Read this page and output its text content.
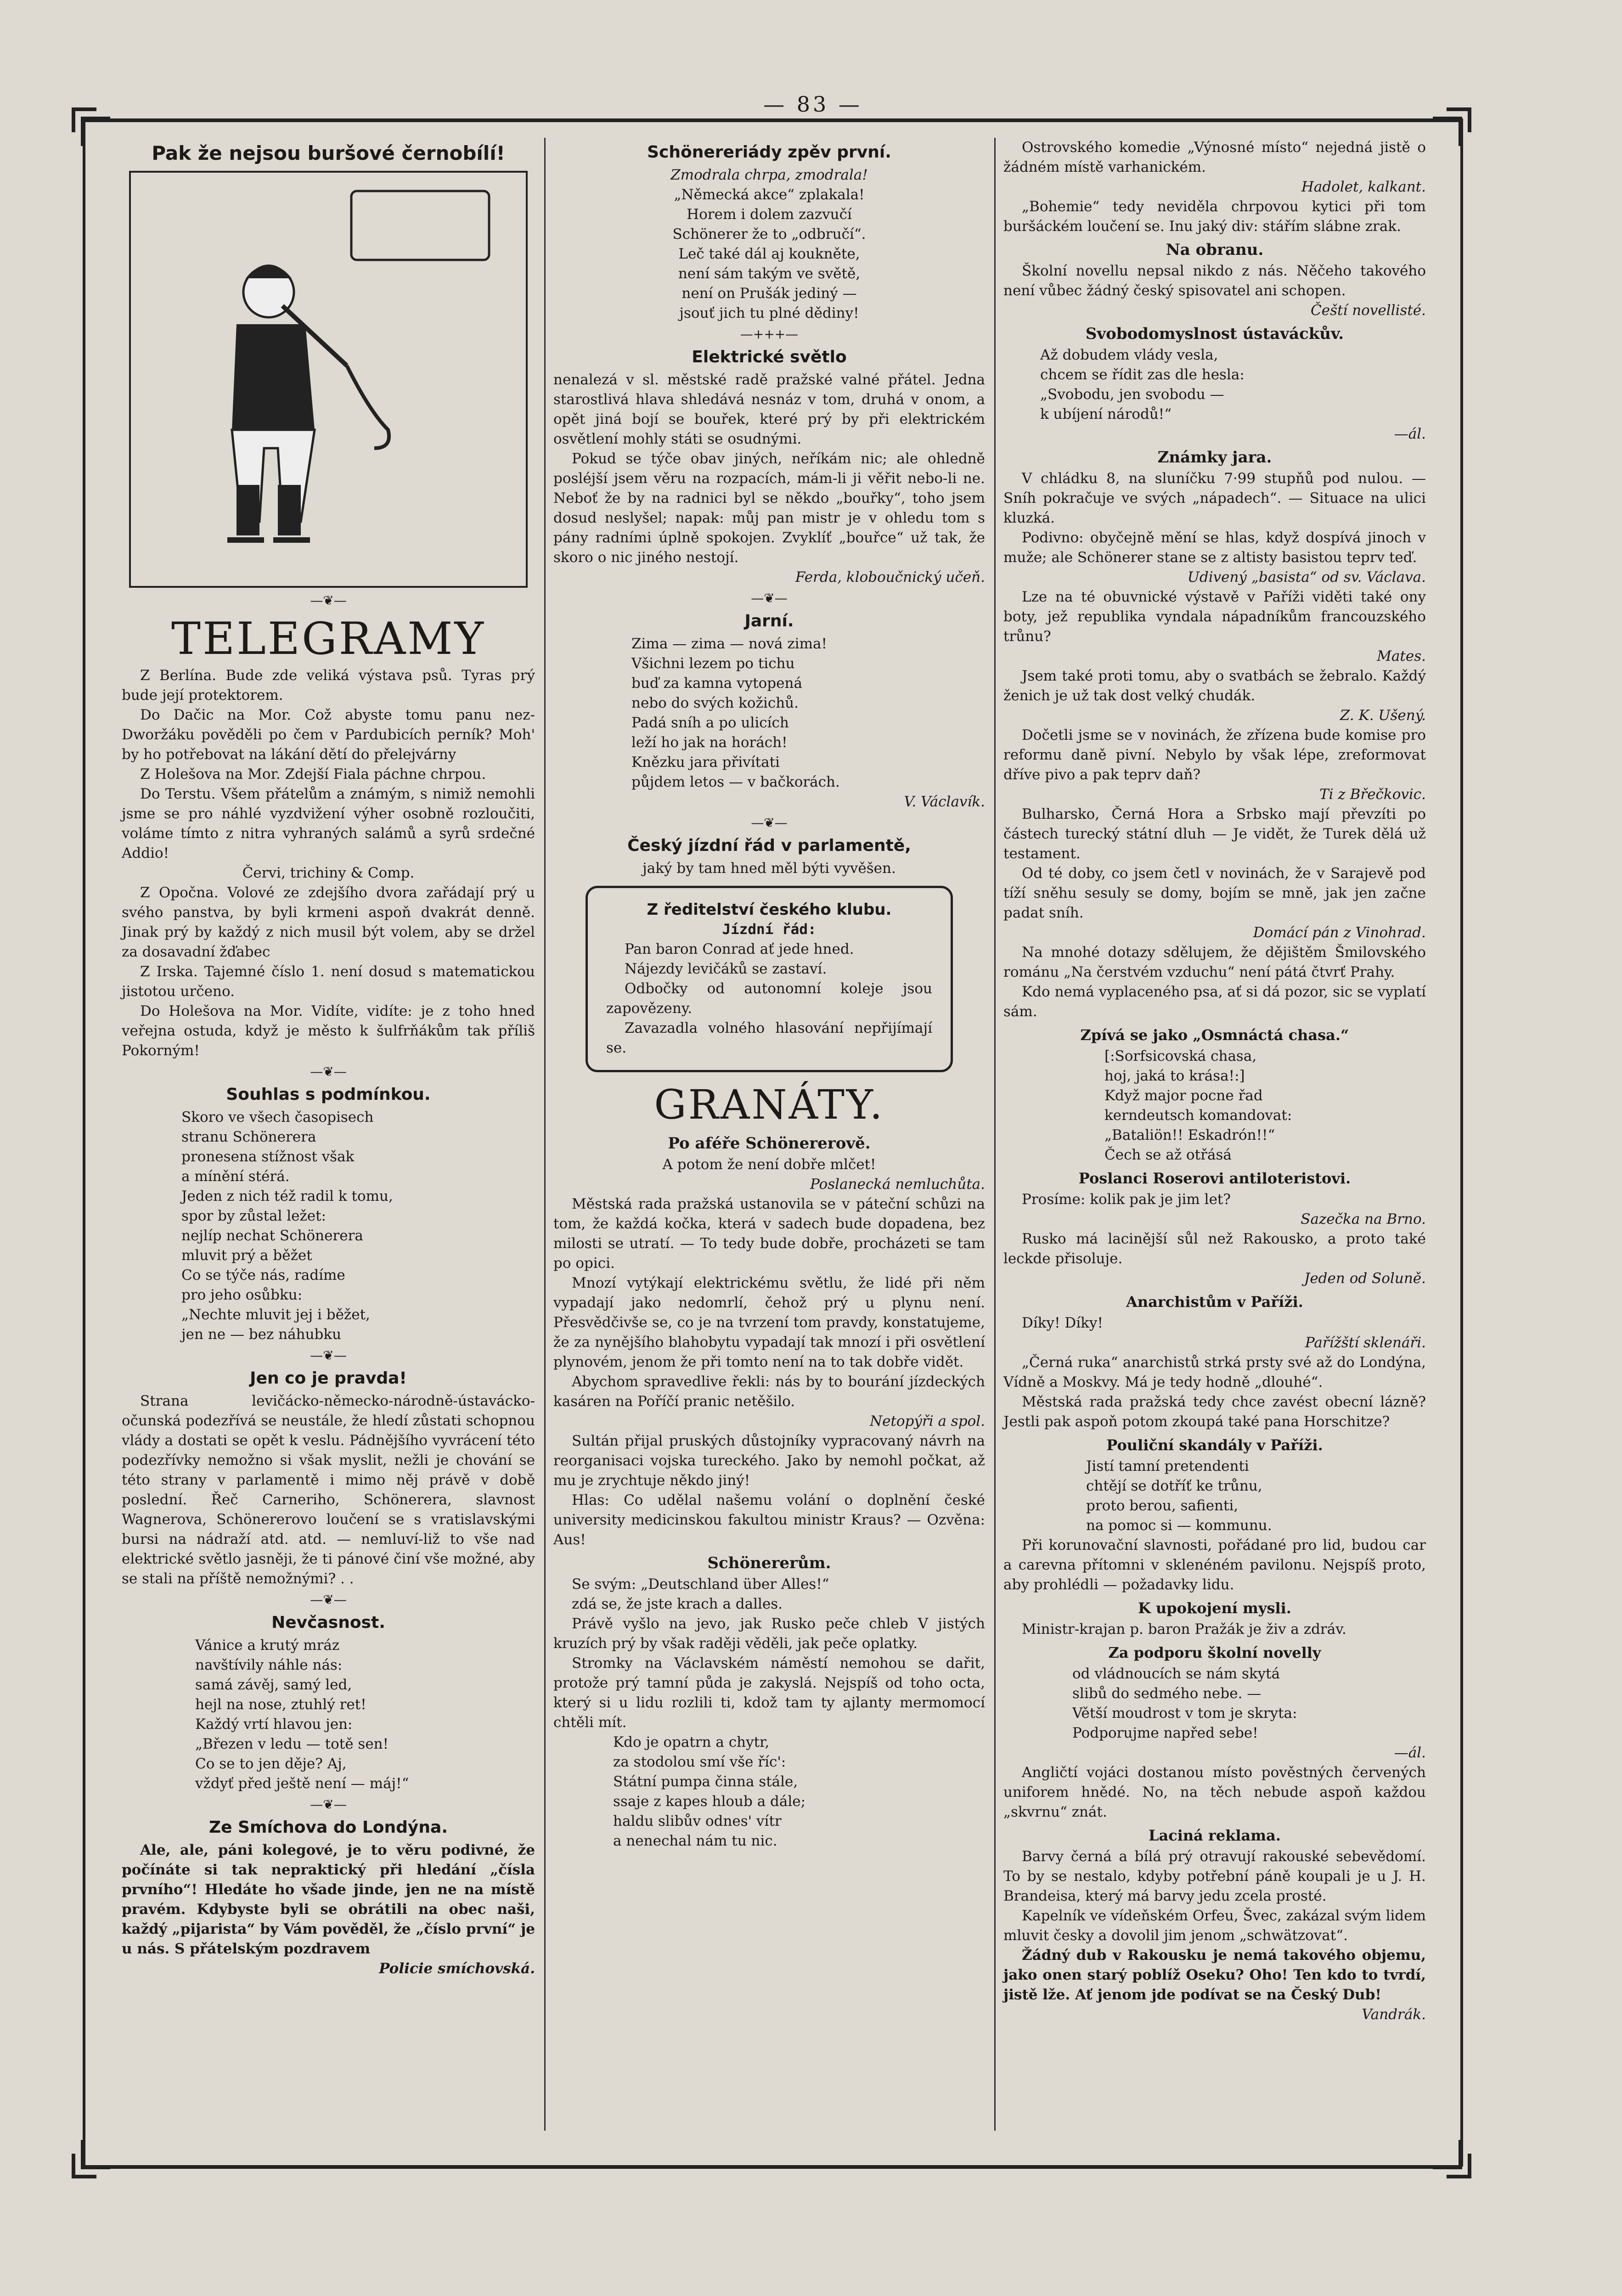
— 83 —
Pak že nejsou buršové černobílí!
—❦—
TELEGRAMY

Z Berlína. Bude zde veliká výstava psů. Tyras prý bude její protektorem.

Do Dačic na Mor. Což abyste tomu panu nez-Dworžáku pověděli po čem v Pardubicích perník? Moh' by ho potřebovat na lákání dětí do přelejvárny

Z Holešova na Mor. Zdejší Fiala páchne chrpou.

Do Terstu. Všem přátelům a známým, s nimiž nemohli jsme se pro náhlé vyzdvižení výher osobně rozloučiti, voláme tímto z nitra vyhraných salámů a syrů srdečné Addio!

Červi, trichiny & Comp.

Z Opočna. Volové ze zdejšího dvora zařádají prý u svého panstva, by byli krmeni aspoň dvakrát denně. Jinak prý by každý z nich musil být volem, aby se držel za dosavadní žďabec

Z Irska. Tajemné číslo 1. není dosud s matematickou jistotou určeno.

Do Holešova na Mor. Vidíte, vidíte: je z toho hned veřejna ostuda, když je město k šulfrňákům tak příliš Pokorným!

—❦—
Souhlas s podmínkou.

Skoro ve všech časopisech

stranu Schönerera

pronesena stížnost však

a mínění stérá.

Jeden z nich též radil k tomu,

spor by zůstal ležet:

nejlíp nechat Schönerera

mluvit prý a běžet

Co se týče nás, radíme

pro jeho osůbku:

„Nechte mluvit jej i běžet,

jen ne — bez náhubku

—❦—
Jen co je pravda!

Strana levičácko-německo-národně-ústavácko-očunská podezřívá se neustále, že hledí zůstati schopnou vlády a dostati se opět k veslu. Pádnějšího vyvrácení této podezřívky nemožno si však myslit, nežli je chování se této strany v parlamentě i mimo něj právě v době poslední. Řeč Carneriho, Schönerera, slavnost Wagnerova, Schönererovo loučení se s vratislavskými bursi na nádraží atd. atd. — nemluví-liž to vše nad elektrické světlo jasněji, že ti pánové činí vše možné, aby se stali na příště nemožnými? . .

—❦—
Nevčasnost.

Vánice a krutý mráz

navštívily náhle nás:

samá závěj, samý led,

hejl na nose, ztuhlý ret!

Každý vrtí hlavou jen:

„Březen v ledu — totě sen!

Co se to jen děje? Aj,

vždyť před ještě není — máj!“

—❦—
Ze Smíchova do Londýna.

Ale, ale, páni kolegové, je to věru podivné, že počínáte si tak nepraktický při hledání „čísla prvního“! Hledáte ho všade jinde, jen ne na místě pravém. Kdybyste byli se obrátili na obec naši, každý „pijarista“ by Vám pověděl, že „číslo první“ je u nás. S přátelským pozdravem

Policie smíchovská.

Schönereriády zpěv první.

Zmodrala chrpa, zmodrala!

„Německá akce“ zplakala!

Horem i dolem zazvučí

Schönerer že to „odbručí“.

Leč také dál aj koukněte,

není sám takým ve světě,

není on Prušák jediný —

jsouť jich tu plné dědiny!

—+++—
Elektrické světlo

nenalezá v sl. městské radě pražské valné přátel. Jedna starostlivá hlava shledává nesnáz v tom, druhá v onom, a opět jiná bojí se bouřek, které prý by při elektrickém osvětlení mohly státi se osudnými.

Pokud se týče obav jiných, neříkám nic; ale ohledně posléjší jsem věru na rozpacích, mám-li ji věřit nebo-li ne. Neboť že by na radnici byl se někdo „bouřky“, toho jsem dosud neslyšel; napak: můj pan mistr je v ohledu tom s pány radními úplně spokojen. Zvyklíť „bouřce“ už tak, že skoro o nic jiného nestojí.

Ferda, kloboučnický učeň.

—❦—
Jarní.

Zima — zima — nová zima!

Všichni lezem po tichu

buď za kamna vytopená

nebo do svých kožichů.

Padá sníh a po ulicích

leží ho jak na horách!

Knězku jara přivítati

půjdem letos — v bačkorách.

V. Václavík.

—❦—
Český jízdní řád v parlamentě,

jaký by tam hned měl býti vyvěšen.

Z ředitelství českého klubu.

Jízdní řád:

Pan baron Conrad ať jede hned.

Nájezdy levičáků se zastaví.

Odbočky od autonomní koleje jsou zapovězeny.

Zavazadla volného hlasování nepřijímají se.

GRANÁTY.
Po aféře Schönererově.

A potom že není dobře mlčet!

Poslanecká nemluchůta.

Městská rada pražská ustanovila se v páteční schůzi na tom, že každá kočka, která v sadech bude dopadena, bez milosti se utratí. — To tedy bude dobře, procházeti se tam po opici.

Mnozí vytýkají elektrickému světlu, že lidé při něm vypadají jako nedomrlí, čehož prý u plynu není. Přesvědčivše se, co je na tvrzení tom pravdy, konstatujeme, že za nynějšího blahobytu vypadají tak mnozí i při osvětlení plynovém, jenom že při tomto není na to tak dobře vidět.

Abychom spravedlive řekli: nás by to bourání jízdeckých kasáren na Poříčí pranic netěšilo.

Netopýři a spol.

Sultán přijal pruských důstojníky vypracovaný návrh na reorganisaci vojska tureckého. Jako by nemohl počkat, až mu je zrychtuje někdo jiný!

Hlas: Co udělal našemu volání o doplnění české university medicinskou fakultou ministr Kraus? — Ozvěna: Aus!

Schönererům.

Se svým: „Deutschland über Alles!“

zdá se, že jste krach a dalles.

Právě vyšlo na jevo, jak Rusko peče chleb V jistých kruzích prý by však raději věděli, jak peče oplatky.

Stromky na Václavském náměstí nemohou se dařit, protože prý tamní půda je zakyslá. Nejspíš od toho octa, který si u lidu rozlili ti, kdož tam ty ajlanty mermomocí chtěli mít.

Kdo je opatrn a chytr,

za stodolou smí vše říc':

Státní pumpa činna stále,

ssaje z kapes hloub a dále;

haldu slibův odnes' vítr

a nenechal nám tu nic.

Ostrovského komedie „Výnosné místo“ nejedná jistě o žádném místě varhanickém.

Hadolet, kalkant.

„Bohemie“ tedy neviděla chrpovou kytici při tom buršáckém loučení se. Inu jaký div: stářím slábne zrak.

Na obranu.

Školní novellu nepsal nikdo z nás. Něčeho takového není vůbec žádný český spisovatel ani schopen.

Čeští novellisté.

Svobodomyslnost ústaváckův.

Až dobudem vlády vesla,

chcem se řídit zas dle hesla:

„Svobodu, jen svobodu —

k ubíjení národů!“

—ál.

Známky jara.

V chládku 8, na sluníčku 7·99 stupňů pod nulou. — Sníh pokračuje ve svých „nápadech“. — Situace na ulici kluzká.

Podivno: obyčejně mění se hlas, když dospívá jinoch v muže; ale Schönerer stane se z altisty basistou teprv teď.

Udivený „basista“ od sv. Václava.

Lze na té obuvnické výstavě v Paříži viděti také ony boty, jež republika vyndala nápadníkům francouzského trůnu?

Mates.

Jsem také proti tomu, aby o svatbách se žebralo. Každý ženich je už tak dost velký chudák.

Z. K. Ušený.

Dočetli jsme se v novinách, že zřízena bude komise pro reformu daně pivní. Nebylo by však lépe, zreformovat dříve pivo a pak teprv daň?

Ti z Břečkovic.

Bulharsko, Černá Hora a Srbsko mají převzíti po částech turecký státní dluh — Je vidět, že Turek dělá už testament.

Od té doby, co jsem četl v novinách, že v Sarajevě pod tíží sněhu sesuly se domy, bojím se mně, jak jen začne padat sníh.

Domácí pán z Vinohrad.

Na mnohé dotazy sdělujem, že dějištěm Šmilovského románu „Na čerstvém vzduchu“ není pátá čtvrť Prahy.

Kdo nemá vyplaceného psa, ať si dá pozor, sic se vyplatí sám.

Zpívá se jako „Osmnáctá chasa.“

[:Sorfsicovská chasa,

hoj, jaká to krása!:]

Když major pocne řad

kerndeutsch komandovat:

„Bataliön!! Eskadrón!!“

Čech se až otřásá

Poslanci Roserovi antiloteristovi.

Prosíme: kolik pak je jim let?

Sazečka na Brno.

Rusko má lacinější sůl než Rakousko, a proto také leckde přisoluje.

Jeden od Soluně.

Anarchistům v Paříži.

Díky! Díky!

Pařížští sklenáři.

„Černá ruka“ anarchistů strká prsty své až do Londýna, Vídně a Moskvy. Má je tedy hodně „dlouhé“.

Městská rada pražská tedy chce zavést obecní lázně? Jestli pak aspoň potom zkoupá také pana Horschitze?

Pouliční skandály v Paříži.

Jistí tamní pretendenti

chtějí se dotříť ke trůnu,

proto berou, safienti,

na pomoc si — kommunu.

Při korunovační slavnosti, pořádané pro lid, budou car a carevna přítomni v sklenéném pavilonu. Nejspíš proto, aby prohlédli — požadavky lidu.

K upokojení mysli.

Ministr-krajan p. baron Pražák je živ a zdráv.

Za podporu školní novelly

od vládnoucích se nám skytá

slibů do sedmého nebe. —

Větší moudrost v tom je skryta:

Podporujme napřed sebe!

—ál.

Angličtí vojáci dostanou místo pověstných červených uniforem hnědé. No, na těch nebude aspoň každou „skvrnu“ znát.

Laciná reklama.

Barvy černá a bílá prý otravují rakouské sebevědomí. To by se nestalo, kdyby potřební páně koupali je u J. H. Brandeisa, který má barvy jedu zcela prosté.

Kapelník ve vídeňském Orfeu, Švec, zakázal svým lidem mluvit česky a dovolil jim jenom „schwätzovat“.

Žádný dub v Rakousku je nemá takového objemu, jako onen starý poblíž Oseku? Oho! Ten kdo to tvrdí, jistě lže. Ať jenom jde podívat se na Český Dub!

Vandrák.
